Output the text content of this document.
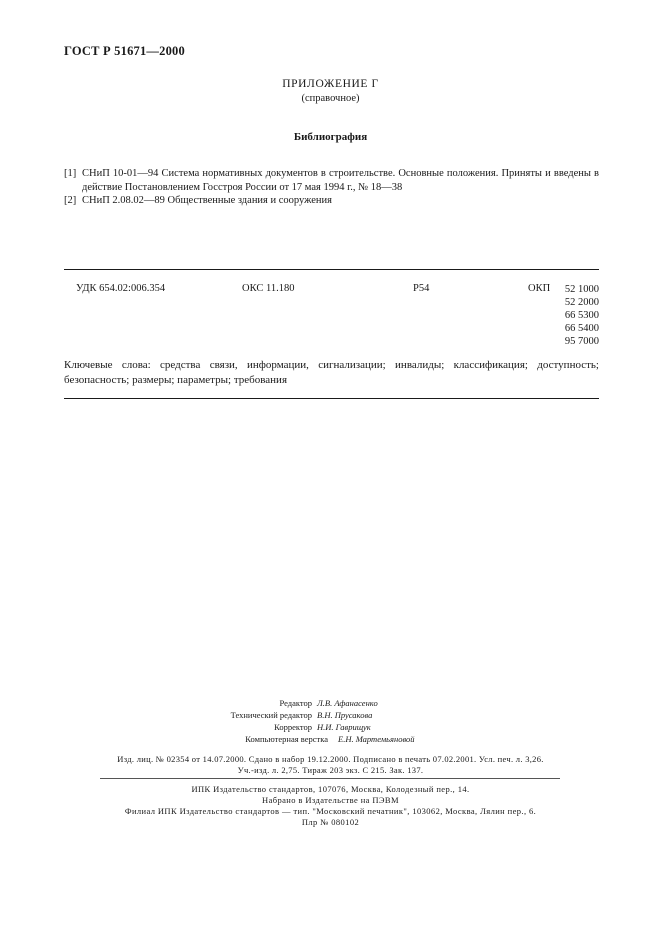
ГОСТ Р 51671—2000
ПРИЛОЖЕНИЕ Г
(справочное)
Библиография
[1] СНиП 10-01—94 Система нормативных документов в строительстве. Основные положения. Приняты и введены в действие Постановлением Госстроя России от 17 мая 1994 г., № 18—38
[2] СНиП 2.08.02—89 Общественные здания и сооружения
УДК 654.02:006.354	ОКС 11.180	Р54	ОКП	52 1000
52 2000
66 5300
66 5400
95 7000
Ключевые слова: средства связи, информации, сигнализации; инвалиды; классификация; доступность; безопасность; размеры; параметры; требования
Редактор Л.В. Афанасенко
Технический редактор В.Н. Прусакова
Корректор Н.И. Гаврищук
Компьютерная верстка Е.Н. Мартемьяновой
Изд. лиц. № 02354 от 14.07.2000. Сдано в набор 19.12.2000. Подписано в печать 07.02.2001. Усл. печ. л. 3,26.
Уч.-изд. л. 2,75. Тираж 203 экз. С 215. Зак. 137.
ИПК Издательство стандартов, 107076, Москва, Колодезный пер., 14.
Набрано в Издательстве на ПЭВМ
Филиал ИПК Издательство стандартов — тип. "Московский печатник", 103062, Москва, Лялин пер., 6.
Плр № 080102
